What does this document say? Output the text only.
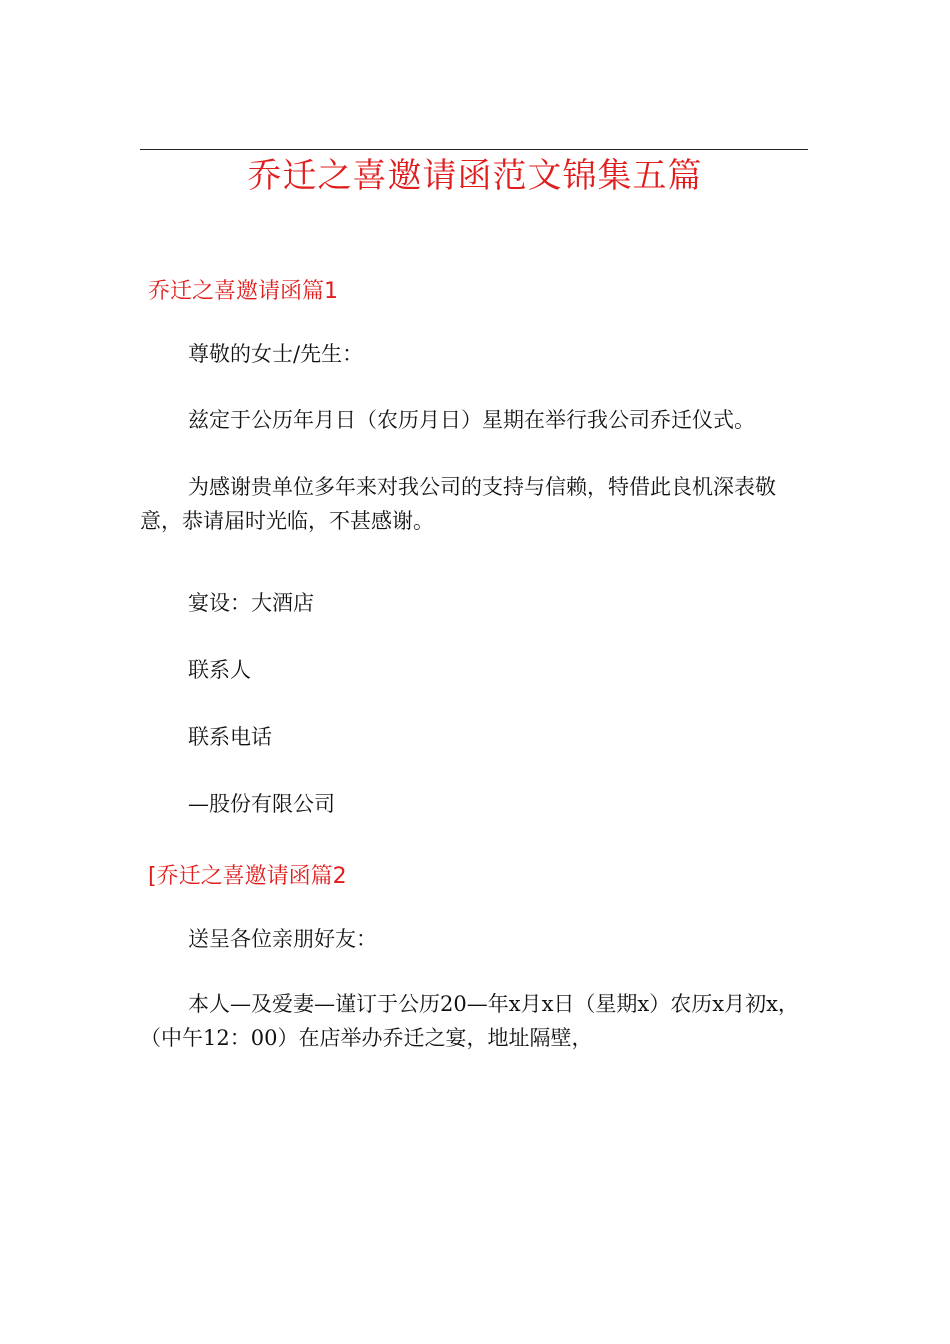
乔迁之喜邀请函范文锦集五篇
乔迁之喜邀请函篇1
尊敬的女士/先生：
兹定于公历年月日（农历月日）星期在举行我公司乔迁仪式。
为感谢贵单位多年来对我公司的支持与信赖，特借此良机深表敬意，恭请届时光临，不甚感谢。
宴设：大酒店
联系人
联系电话
—股份有限公司
[乔迁之喜邀请函篇2
送呈各位亲朋好友：
本人—及爱妻—谨订于公历20—年x月x日（星期x）农历x月初x，（中午12：00）在店举办乔迁之宴，地址隔壁，
